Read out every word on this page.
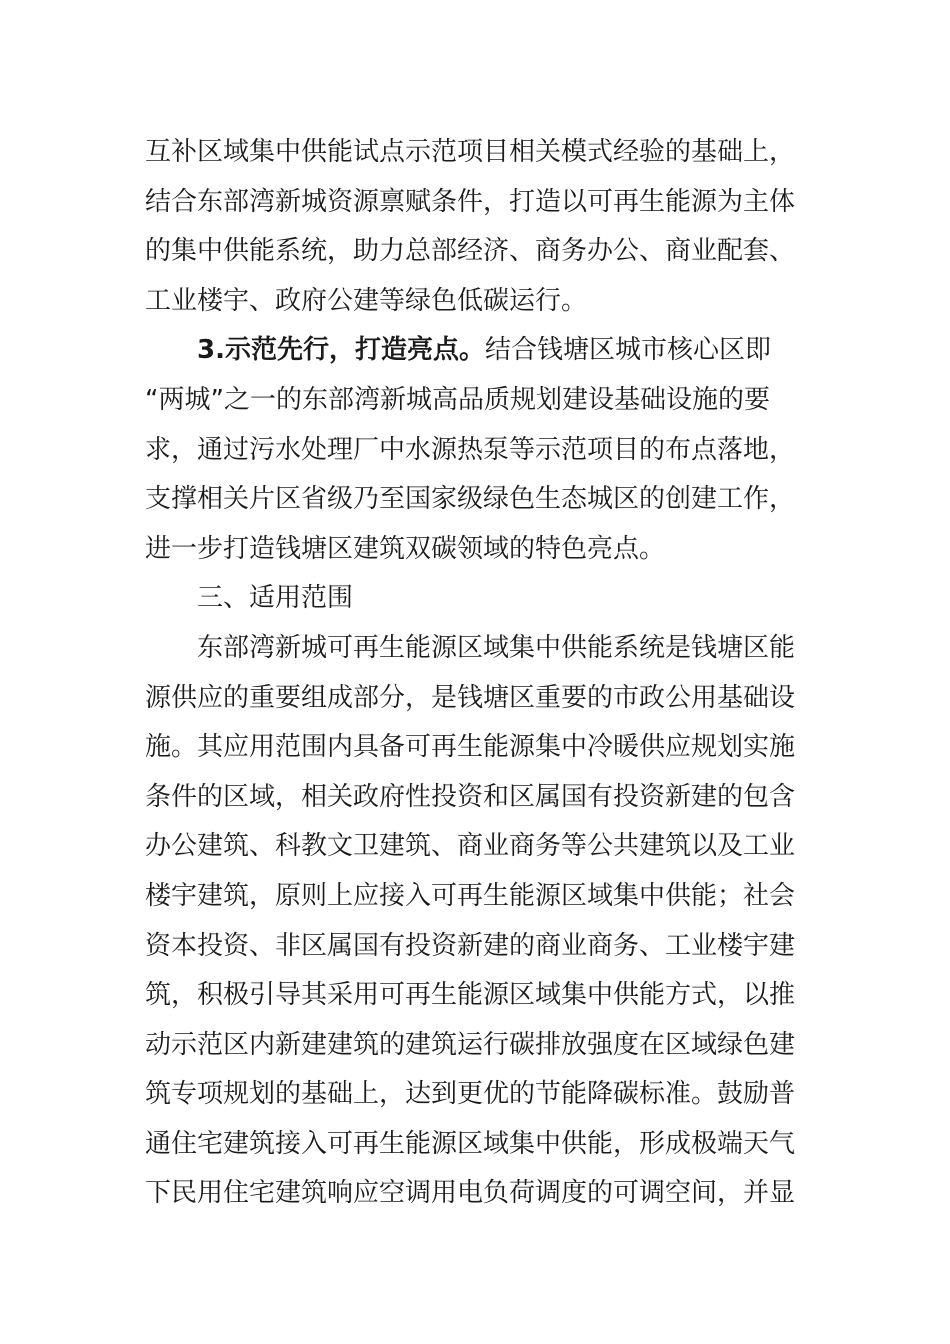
互补区域集中供能试点示范项目相关模式经验的基础上，
结合东部湾新城资源禀赋条件，打造以可再生能源为主体
的集中供能系统，助力总部经济、商务办公、商业配套、
工业楼宇、政府公建等绿色低碳运行。
3.示范先行，打造亮点。结合钱塘区城市核心区即
“两城”之一的东部湾新城高品质规划建设基础设施的要
求，通过污水处理厂中水源热泵等示范项目的布点落地，
支撑相关片区省级乃至国家级绿色生态城区的创建工作，
进一步打造钱塘区建筑双碳领域的特色亮点。
三、适用范围
东部湾新城可再生能源区域集中供能系统是钱塘区能
源供应的重要组成部分，是钱塘区重要的市政公用基础设
施。其应用范围内具备可再生能源集中冷暖供应规划实施
条件的区域，相关政府性投资和区属国有投资新建的包含
办公建筑、科教文卫建筑、商业商务等公共建筑以及工业
楼宇建筑，原则上应接入可再生能源区域集中供能；社会
资本投资、非区属国有投资新建的商业商务、工业楼宇建
筑，积极引导其采用可再生能源区域集中供能方式，以推
动示范区内新建建筑的建筑运行碳排放强度在区域绿色建
筑专项规划的基础上，达到更优的节能降碳标准。鼓励普
通住宅建筑接入可再生能源区域集中供能，形成极端天气
下民用住宅建筑响应空调用电负荷调度的可调空间，并显
